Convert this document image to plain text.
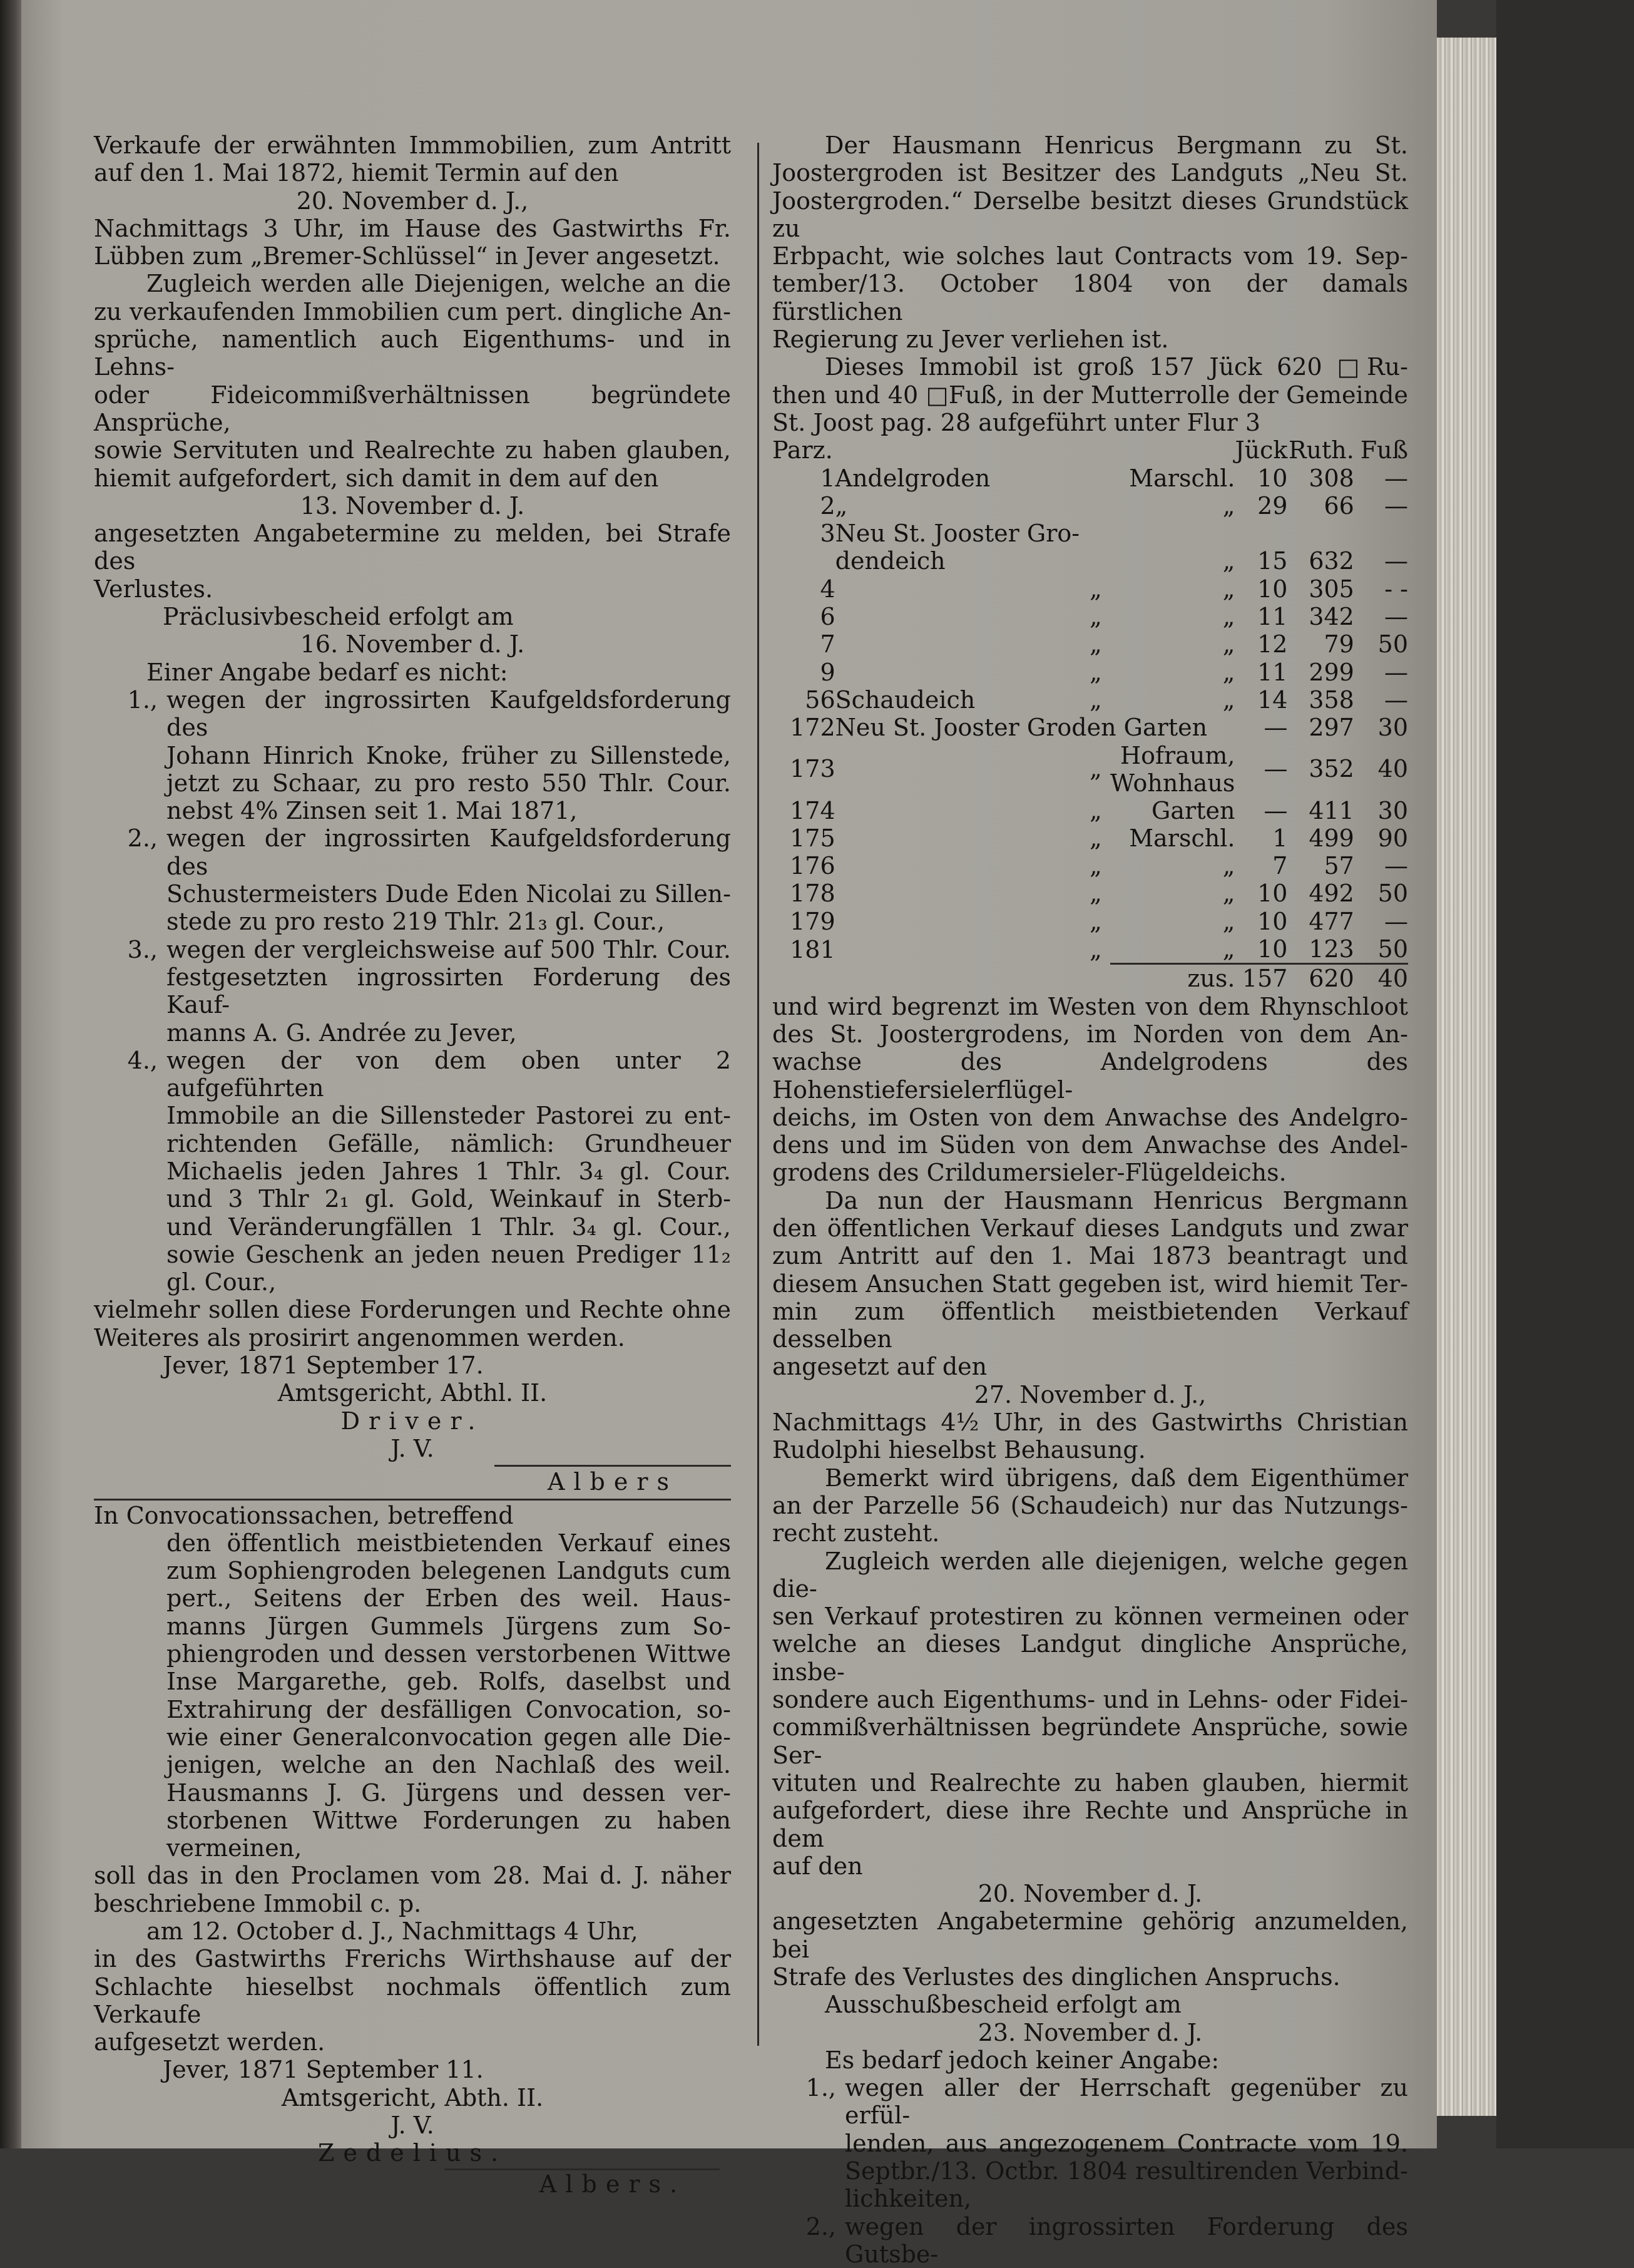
Verkaufe der erwähnten Immmobilien, zum Antritt

auf den 1. Mai 1872, hiemit Termin auf den

20. November d. J.,

Nachmittags 3 Uhr, im Hause des Gastwirths Fr.

Lübben zum „Bremer-Schlüssel“ in Jever angesetzt.

Zugleich werden alle Diejenigen, welche an die

zu verkaufenden Immobilien cum pert. dingliche An-

sprüche, namentlich auch Eigenthums- und in Lehns-

oder Fideicommißverhältnissen begründete Ansprüche,

sowie Servituten und Realrechte zu haben glauben,

hiemit aufgefordert, sich damit in dem auf den

13. November d. J.

angesetzten Angabetermine zu melden, bei Strafe des

Verlustes.

Präclusivbescheid erfolgt am

16. November d. J.

Einer Angabe bedarf es nicht:

1., wegen der ingrossirten Kaufgeldsforderung des

Johann Hinrich Knoke, früher zu Sillenstede,

jetzt zu Schaar, zu pro resto 550 Thlr. Cour.

nebst 4% Zinsen seit 1. Mai 1871,

2., wegen der ingrossirten Kaufgeldsforderung des

Schustermeisters Dude Eden Nicolai zu Sillen-

stede zu pro resto 219 Thlr. 21₃ gl. Cour.,

3., wegen der vergleichsweise auf 500 Thlr. Cour.

festgesetzten ingrossirten Forderung des Kauf-

manns A. G. Andrée zu Jever,

4., wegen der von dem oben unter 2 aufgeführten

Immobile an die Sillensteder Pastorei zu ent-

richtenden Gefälle, nämlich: Grundheuer

Michaelis jeden Jahres 1 Thlr. 3₄ gl. Cour.

und 3 Thlr 2₁ gl. Gold, Weinkauf in Sterb-

und Veränderungfällen 1 Thlr. 3₄ gl. Cour.,

sowie Geschenk an jeden neuen Prediger 11₂

gl. Cour.,

vielmehr sollen diese Forderungen und Rechte ohne

Weiteres als prosirirt angenommen werden.

Jever, 1871 September 17.

Amtsgericht, Abthl. II.

Driver.

J. V.

Albers

In Convocationssachen, betreffend

den öffentlich meistbietenden Verkauf eines

zum Sophiengroden belegenen Landguts cum

pert., Seitens der Erben des weil. Haus-

manns Jürgen Gummels Jürgens zum So-

phiengroden und dessen verstorbenen Wittwe

Inse Margarethe, geb. Rolfs, daselbst und

Extrahirung der desfälligen Convocation, so-

wie einer Generalconvocation gegen alle Die-

jenigen, welche an den Nachlaß des weil.

Hausmanns J. G. Jürgens und dessen ver-

storbenen Wittwe Forderungen zu haben

vermeinen,

soll das in den Proclamen vom 28. Mai d. J. näher

beschriebene Immobil c. p.

am 12. October d. J., Nachmittags 4 Uhr,

in des Gastwirths Frerichs Wirthshause auf der

Schlachte hieselbst nochmals öffentlich zum Verkaufe

aufgesetzt werden.

Jever, 1871 September 11.

Amtsgericht, Abth. II.

J. V.

Zedelius.

Albers.

Der Hausmann Henricus Bergmann zu St.

Joostergroden ist Besitzer des Landguts „Neu St.

Joostergroden.“ Derselbe besitzt dieses Grundstück zu

Erbpacht, wie solches laut Contracts vom 19. Sep-

tember/13. October 1804 von der damals fürstlichen

Regierung zu Jever verliehen ist.

Dieses Immobil ist groß 157 Jück 620 □Ru-

then und 40 □Fuß, in der Mutterrolle der Gemeinde

St. Joost pag. 28 aufgeführt unter Flur 3

Parz.				Jück	Ruth.	Fuß
1	Andelgroden		Marschl.	10	308	—
2	„		„	29	66	—
3	Neu St. Jooster Gro-					
	dendeich		„	15	632	—
4		„	„	10	305	- -
6		„	„	11	342	—
7		„	„	12	79	50
9		„	„	11	299	—
56	Schaudeich	„	„	14	358	—
172	Neu St. Jooster Groden Garten			—	297	30
173		„	Hofraum,
Wohnhaus	—	352	40
174		„	Garten	—	411	30
175		„	Marschl.	1	499	90
176		„	„	7	57	—
178		„	„	10	492	50
179		„	„	10	477	—
181		„	„	10	123	50
			zus.	157	620	40

und wird begrenzt im Westen von dem Rhynschloot

des St. Joostergrodens, im Norden von dem An-

wachse des Andelgrodens des Hohenstiefersielerflügel-

deichs, im Osten von dem Anwachse des Andelgro-

dens und im Süden von dem Anwachse des Andel-

grodens des Crildumersieler-Flügeldeichs.

Da nun der Hausmann Henricus Bergmann

den öffentlichen Verkauf dieses Landguts und zwar

zum Antritt auf den 1. Mai 1873 beantragt und

diesem Ansuchen Statt gegeben ist, wird hiemit Ter-

min zum öffentlich meistbietenden Verkauf desselben

angesetzt auf den

27. November d. J.,

Nachmittags 4½ Uhr, in des Gastwirths Christian

Rudolphi hieselbst Behausung.

Bemerkt wird übrigens, daß dem Eigenthümer

an der Parzelle 56 (Schaudeich) nur das Nutzungs-

recht zusteht.

Zugleich werden alle diejenigen, welche gegen die-

sen Verkauf protestiren zu können vermeinen oder

welche an dieses Landgut dingliche Ansprüche, insbe-

sondere auch Eigenthums- und in Lehns- oder Fidei-

commißverhältnissen begründete Ansprüche, sowie Ser-

vituten und Realrechte zu haben glauben, hiermit

aufgefordert, diese ihre Rechte und Ansprüche in dem

auf den

20. November d. J.

angesetzten Angabetermine gehörig anzumelden, bei

Strafe des Verlustes des dinglichen Anspruchs.

Ausschußbescheid erfolgt am

23. November d. J.

Es bedarf jedoch keiner Angabe:

1., wegen aller der Herrschaft gegenüber zu erfül-

lenden, aus angezogenem Contracte vom 19.

Septbr./13. Octbr. 1804 resultirenden Verbind-

lichkeiten,

2., wegen der ingrossirten Forderung des Gutsbe-
